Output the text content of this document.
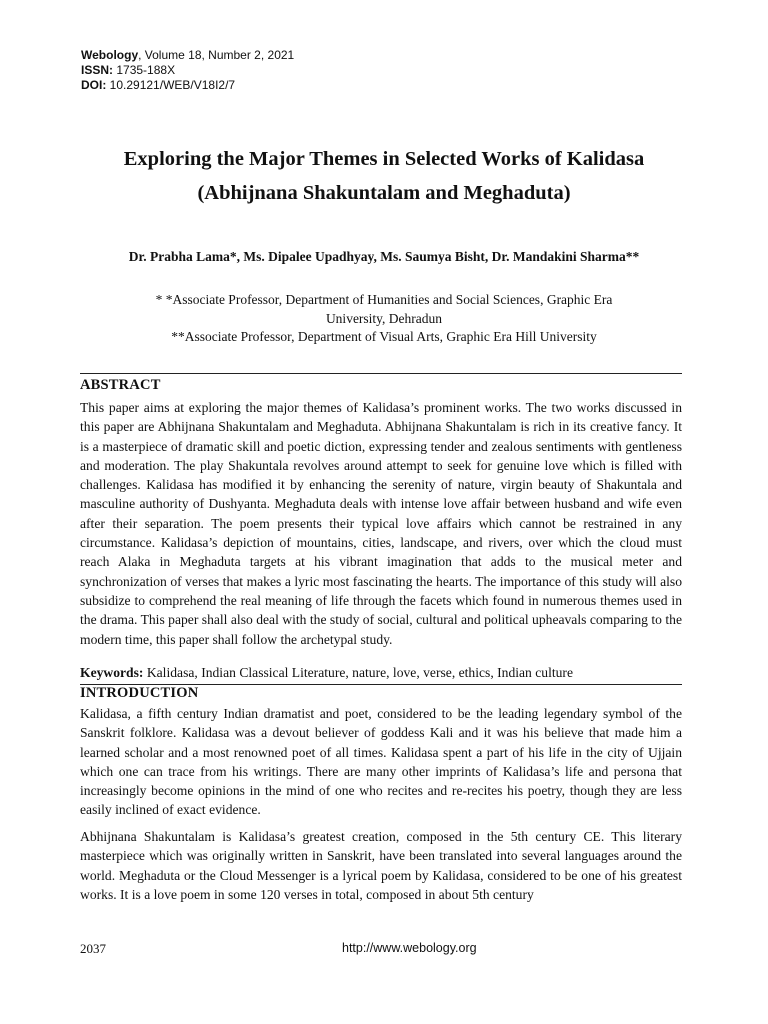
Webology, Volume 18, Number 2, 2021
ISSN: 1735-188X
DOI: 10.29121/WEB/V18I2/7
Exploring the Major Themes in Selected Works of Kalidasa
(Abhijnana Shakuntalam and Meghaduta)
Dr. Prabha Lama*, Ms. Dipalee Upadhyay, Ms. Saumya Bisht, Dr. Mandakini Sharma**
* *Associate Professor, Department of Humanities and Social Sciences, Graphic Era
University, Dehradun
**Associate Professor, Department of Visual Arts, Graphic Era Hill University
ABSTRACT
This paper aims at exploring the major themes of Kalidasa’s prominent works. The two works discussed in this paper are Abhijnana Shakuntalam and Meghaduta. Abhijnana Shakuntalam is rich in its creative fancy. It is a masterpiece of dramatic skill and poetic diction, expressing tender and zealous sentiments with gentleness and moderation. The play Shakuntala revolves around attempt to seek for genuine love which is filled with challenges. Kalidasa has modified it by enhancing the serenity of nature, virgin beauty of Shakuntala and masculine authority of Dushyanta. Meghaduta deals with intense love affair between husband and wife even after their separation. The poem presents their typical love affairs which cannot be restrained in any circumstance. Kalidasa’s depiction of mountains, cities, landscape, and rivers, over which the cloud must reach Alaka in Meghaduta targets at his vibrant imagination that adds to the musical meter and synchronization of verses that makes a lyric most fascinating the hearts. The importance of this study will also subsidize to comprehend the real meaning of life through the facets which found in numerous themes used in the drama. This paper shall also deal with the study of social, cultural and political upheavals comparing to the modern time, this paper shall follow the archetypal study.
Keywords: Kalidasa, Indian Classical Literature, nature, love, verse, ethics, Indian culture
INTRODUCTION
Kalidasa, a fifth century Indian dramatist and poet, considered to be the leading legendary symbol of the Sanskrit folklore. Kalidasa was a devout believer of goddess Kali and it was his believe that made him a learned scholar and a most renowned poet of all times. Kalidasa spent a part of his life in the city of Ujjain which one can trace from his writings. There are many other imprints of Kalidasa’s life and persona that increasingly become opinions in the mind of one who recites and re-recites his poetry, though they are less easily inclined of exact evidence.
Abhijnana Shakuntalam is Kalidasa’s greatest creation, composed in the 5th century CE. This literary masterpiece which was originally written in Sanskrit, have been translated into several languages around the world. Meghaduta or the Cloud Messenger is a lyrical poem by Kalidasa, considered to be one of his greatest works. It is a love poem in some 120 verses in total, composed in about 5th century
2037	http://www.webology.org
